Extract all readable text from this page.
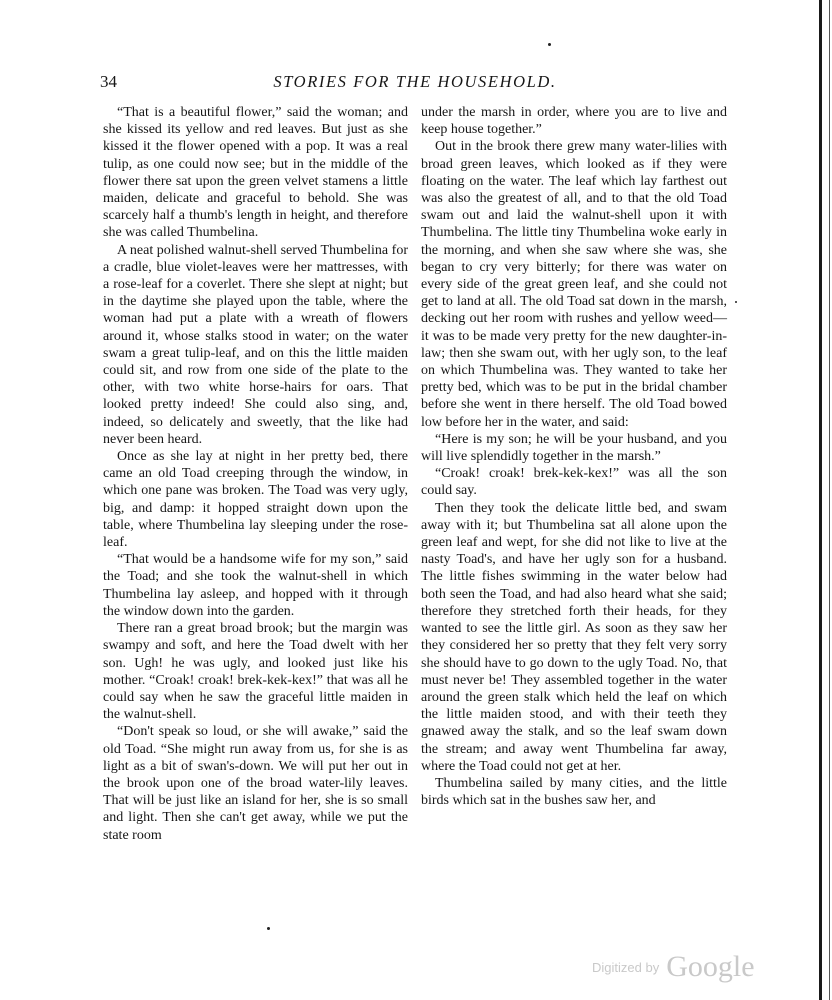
34	STORIES FOR THE HOUSEHOLD.

“That is a beautiful flower,” said the woman; and she kissed its yellow and red leaves. But just as she kissed it the flower opened with a pop. It was a real tulip, as one could now see; but in the middle of the flower there sat upon the green velvet stamens a little maiden, delicate and graceful to behold. She was scarcely half a thumb's length in height, and therefore she was called Thumbelina.

A neat polished walnut-shell served Thumbelina for a cradle, blue violet-leaves were her mattresses, with a rose-leaf for a coverlet. There she slept at night; but in the daytime she played upon the table, where the woman had put a plate with a wreath of flowers around it, whose stalks stood in water; on the water swam a great tulip-leaf, and on this the little maiden could sit, and row from one side of the plate to the other, with two white horse-hairs for oars. That looked pretty indeed! She could also sing, and, indeed, so delicately and sweetly, that the like had never been heard.

Once as she lay at night in her pretty bed, there came an old Toad creeping through the window, in which one pane was broken. The Toad was very ugly, big, and damp: it hopped straight down upon the table, where Thumbelina lay sleeping under the rose-leaf.

“That would be a handsome wife for my son,” said the Toad; and she took the walnut-shell in which Thumbelina lay asleep, and hopped with it through the window down into the garden.

There ran a great broad brook; but the margin was swampy and soft, and here the Toad dwelt with her son. Ugh! he was ugly, and looked just like his mother. “Croak! croak! brek-kek-kex!” that was all he could say when he saw the graceful little maiden in the walnut-shell.

“Don't speak so loud, or she will awake,” said the old Toad. “She might run away from us, for she is as light as a bit of swan's-down. We will put her out in the brook upon one of the broad water-lily leaves. That will be just like an island for her, she is so small and light. Then she can't get away, while we put the state room

under the marsh in order, where you are to live and keep house together.”

Out in the brook there grew many water-lilies with broad green leaves, which looked as if they were floating on the water. The leaf which lay farthest out was also the greatest of all, and to that the old Toad swam out and laid the walnut-shell upon it with Thumbelina. The little tiny Thumbelina woke early in the morning, and when she saw where she was, she began to cry very bitterly; for there was water on every side of the great green leaf, and she could not get to land at all. The old Toad sat down in the marsh, decking out her room with rushes and yellow weed—it was to be made very pretty for the new daughter-in-law; then she swam out, with her ugly son, to the leaf on which Thumbelina was. They wanted to take her pretty bed, which was to be put in the bridal chamber before she went in there herself. The old Toad bowed low before her in the water, and said:

“Here is my son; he will be your husband, and you will live splendidly together in the marsh.”

“Croak! croak! brek-kek-kex!” was all the son could say.

Then they took the delicate little bed, and swam away with it; but Thumbelina sat all alone upon the green leaf and wept, for she did not like to live at the nasty Toad's, and have her ugly son for a husband. The little fishes swimming in the water below had both seen the Toad, and had also heard what she said; therefore they stretched forth their heads, for they wanted to see the little girl. As soon as they saw her they considered her so pretty that they felt very sorry she should have to go down to the ugly Toad. No, that must never be! They assembled together in the water around the green stalk which held the leaf on which the little maiden stood, and with their teeth they gnawed away the stalk, and so the leaf swam down the stream; and away went Thumbelina far away, where the Toad could not get at her.

Thumbelina sailed by many cities, and the little birds which sat in the bushes saw her, and

$^{Digitized by}$ Google
